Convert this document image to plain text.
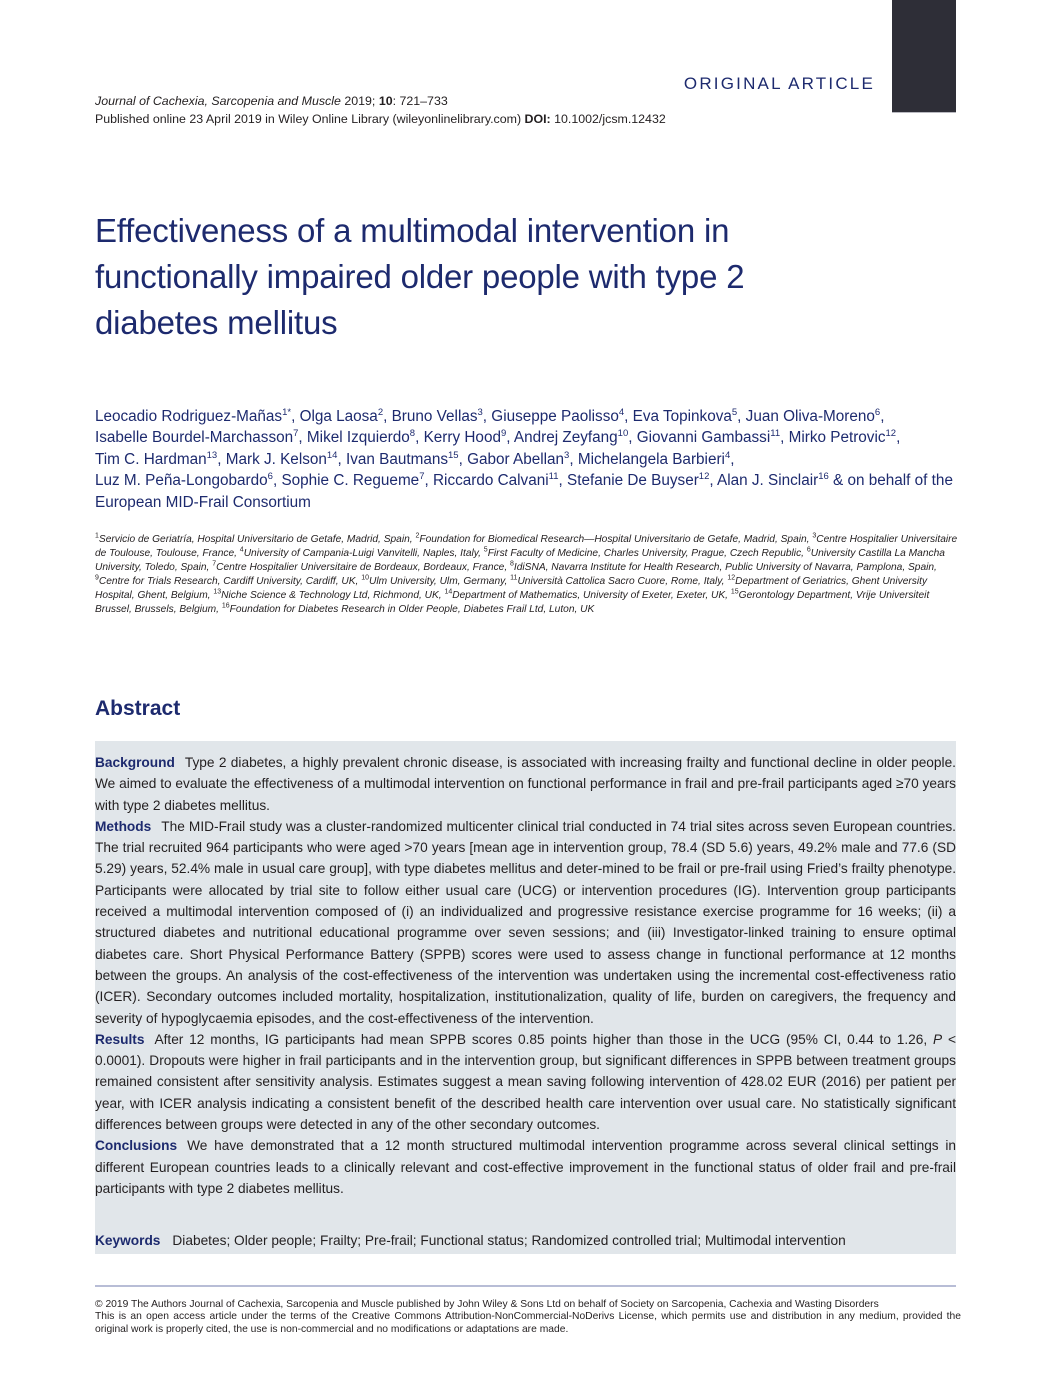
ORIGINAL ARTICLE
Journal of Cachexia, Sarcopenia and Muscle 2019; 10: 721–733
Published online 23 April 2019 in Wiley Online Library (wileyonlinelibrary.com) DOI: 10.1002/jcsm.12432
Effectiveness of a multimodal intervention in functionally impaired older people with type 2 diabetes mellitus
Leocadio Rodriguez-Mañas$^{1*}$, Olga Laosa$^2$, Bruno Vellas$^3$, Giuseppe Paolisso$^4$, Eva Topinkova$^5$, Juan Oliva-Moreno$^6$,
Isabelle Bourdel-Marchasson$^7$, Mikel Izquierdo$^8$, Kerry Hood$^9$, Andrej Zeyfang$^{10}$, Giovanni Gambassi$^{11}$, Mirko Petrovic$^{12}$,
Tim C. Hardman$^{13}$, Mark J. Kelson$^{14}$, Ivan Bautmans$^{15}$, Gabor Abellan$^3$, Michelangela Barbieri$^4$,
Luz M. Peña-Longobardo$^6$, Sophie C. Regueme$^7$, Riccardo Calvani$^{11}$, Stefanie De Buyser$^{12}$, Alan J. Sinclair$^{16}$ & on behalf of the European MID-Frail Consortium
$^1$Servicio de Geriatría, Hospital Universitario de Getafe, Madrid, Spain, $^2$Foundation for Biomedical Research—Hospital Universitario de Getafe, Madrid, Spain, $^3$Centre Hospitalier Universitaire de Toulouse, Toulouse, France, $^4$University of Campania-Luigi Vanvitelli, Naples, Italy, $^5$First Faculty of Medicine, Charles University, Prague, Czech Republic, $^6$University Castilla La Mancha University, Toledo, Spain, $^7$Centre Hospitalier Universitaire de Bordeaux, Bordeaux, France, $^8$IdiSNA, Navarra Institute for Health Research, Public University of Navarra, Pamplona, Spain, $^9$Centre for Trials Research, Cardiff University, Cardiff, UK, $^{10}$Ulm University, Ulm, Germany, $^{11}$Università Cattolica Sacro Cuore, Rome, Italy, $^{12}$Department of Geriatrics, Ghent University Hospital, Ghent, Belgium, $^{13}$Niche Science & Technology Ltd, Richmond, UK, $^{14}$Department of Mathematics, University of Exeter, Exeter, UK, $^{15}$Gerontology Department, Vrije Universiteit Brussel, Brussels, Belgium, $^{16}$Foundation for Diabetes Research in Older People, Diabetes Frail Ltd, Luton, UK
Abstract

Background Type 2 diabetes, a highly prevalent chronic disease, is associated with increasing frailty and functional decline in older people. We aimed to evaluate the effectiveness of a multimodal intervention on functional performance in frail and pre-frail participants aged ≥70 years with type 2 diabetes mellitus.

Methods The MID-Frail study was a cluster-randomized multicenter clinical trial conducted in 74 trial sites across seven European countries. The trial recruited 964 participants who were aged >70 years [mean age in intervention group, 78.4 (SD 5.6) years, 49.2% male and 77.6 (SD 5.29) years, 52.4% male in usual care group], with type diabetes mellitus and deter-mined to be frail or pre-frail using Fried’s frailty phenotype. Participants were allocated by trial site to follow either usual care (UCG) or intervention procedures (IG). Intervention group participants received a multimodal intervention composed of (i) an individualized and progressive resistance exercise programme for 16 weeks; (ii) a structured diabetes and nutritional educational programme over seven sessions; and (iii) Investigator-linked training to ensure optimal diabetes care. Short Physical Performance Battery (SPPB) scores were used to assess change in functional performance at 12 months between the groups. An analysis of the cost-effectiveness of the intervention was undertaken using the incremental cost-effectiveness ratio (ICER). Secondary outcomes included mortality, hospitalization, institutionalization, quality of life, burden on caregivers, the frequency and severity of hypoglycaemia episodes, and the cost-effectiveness of the intervention.

Results After 12 months, IG participants had mean SPPB scores 0.85 points higher than those in the UCG (95% CI, 0.44 to 1.26, P < 0.0001). Dropouts were higher in frail participants and in the intervention group, but significant differences in SPPB between treatment groups remained consistent after sensitivity analysis. Estimates suggest a mean saving following intervention of 428.02 EUR (2016) per patient per year, with ICER analysis indicating a consistent benefit of the described health care intervention over usual care. No statistically significant differences between groups were detected in any of the other secondary outcomes.

Conclusions We have demonstrated that a 12 month structured multimodal intervention programme across several clinical settings in different European countries leads to a clinically relevant and cost-effective improvement in the functional status of older frail and pre-frail participants with type 2 diabetes mellitus.

Keywords Diabetes; Older people; Frailty; Pre-frail; Functional status; Randomized controlled trial; Multimodal intervention

© 2019 The Authors Journal of Cachexia, Sarcopenia and Muscle published by John Wiley & Sons Ltd on behalf of Society on Sarcopenia, Cachexia and Wasting Disorders

This is an open access article under the terms of the Creative Commons Attribution-NonCommercial-NoDerivs License, which permits use and distribution in any medium, provided the original work is properly cited, the use is non-commercial and no modifications or adaptations are made.
